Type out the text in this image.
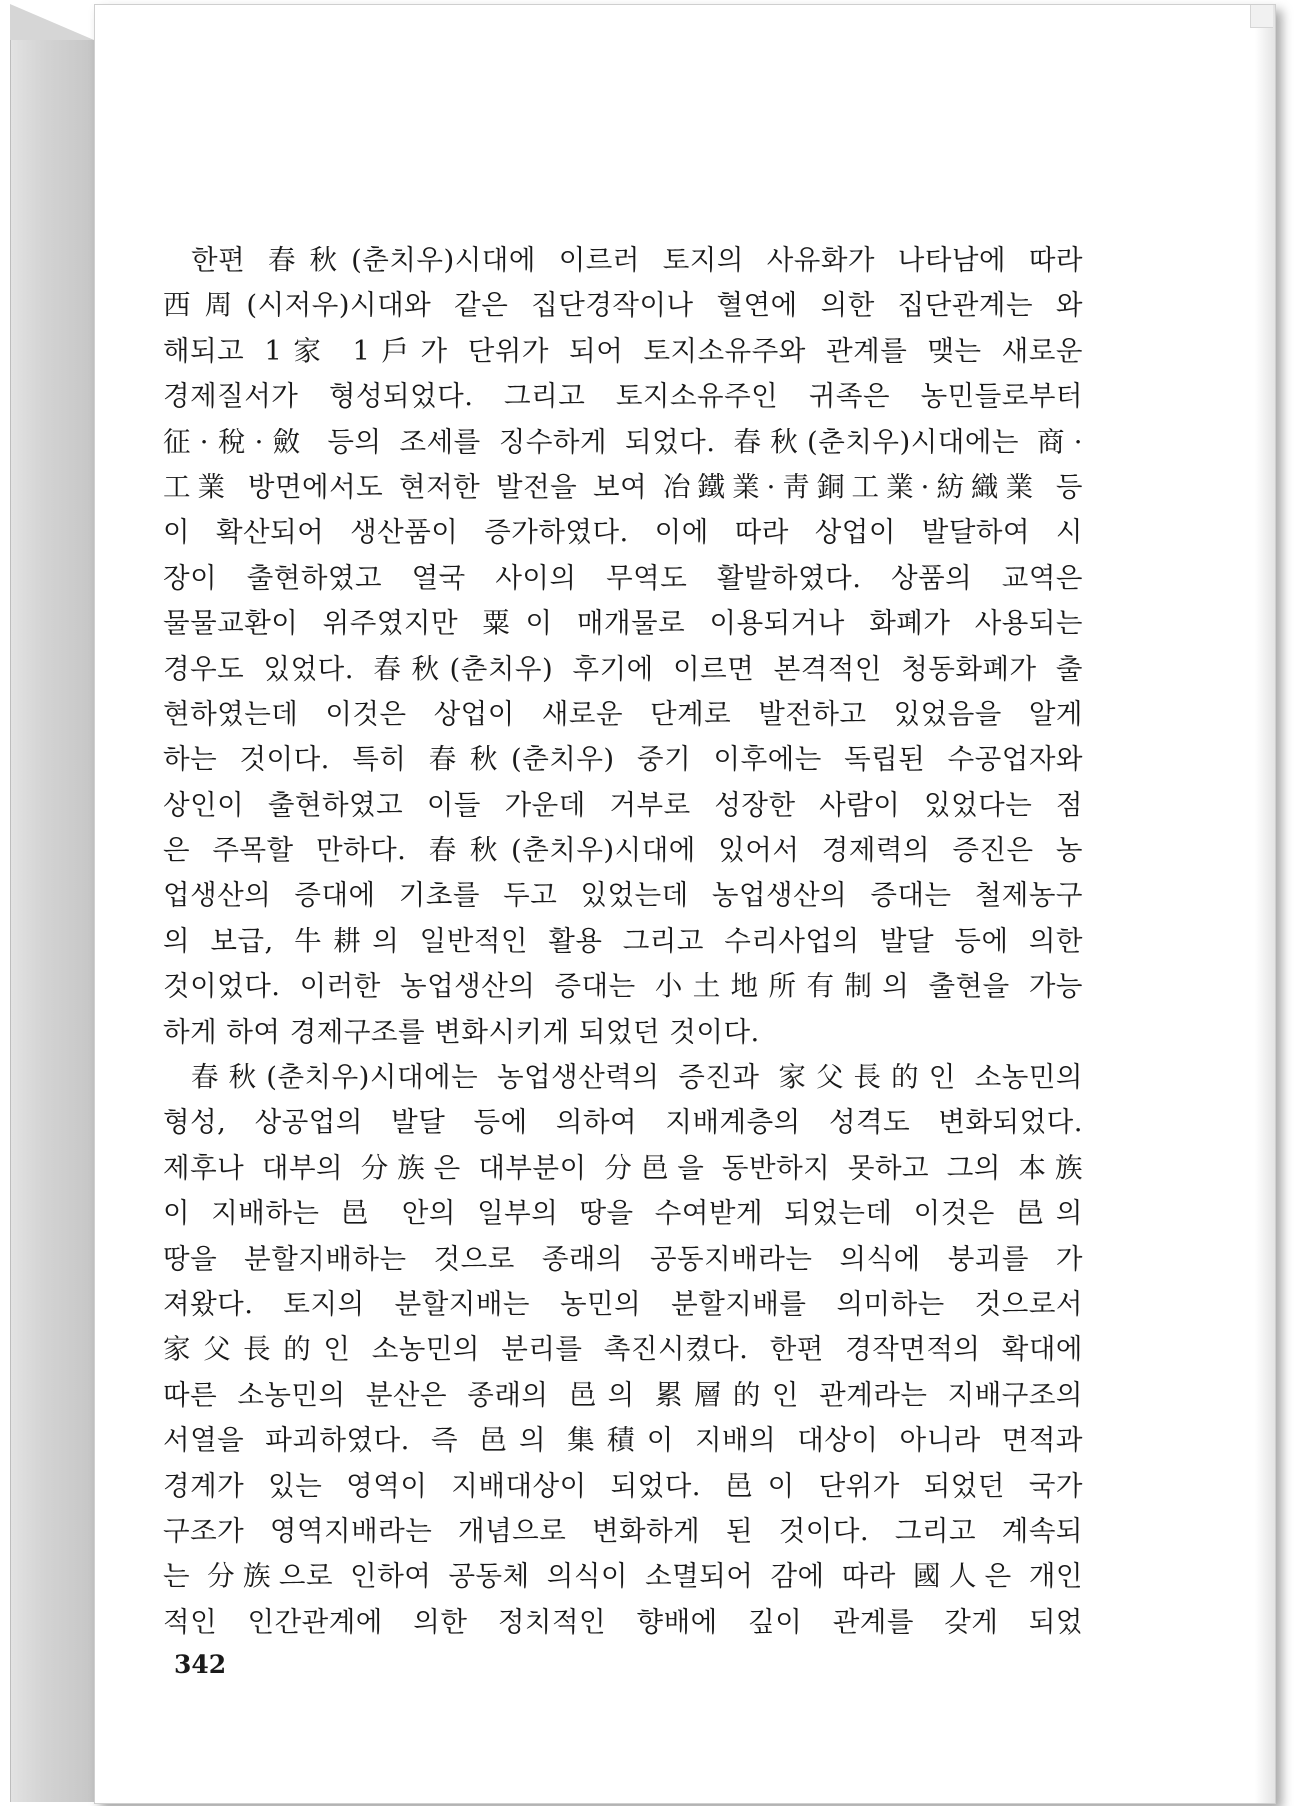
한편 春秋(춘치우)시대에 이르러 토지의 사유화가 나타남에 따라
西周(시저우)시대와 같은 집단경작이나 혈연에 의한 집단관계는 와
해되고 1家 1戶가 단위가 되어 토지소유주와 관계를 맺는 새로운
경제질서가 형성되었다. 그리고 토지소유주인 귀족은 농민들로부터
征·稅·斂 등의 조세를 징수하게 되었다. 春秋(춘치우)시대에는 商·
工業 방면에서도 현저한 발전을 보여 冶鐵業·靑銅工業·紡織業 등
이 확산되어 생산품이 증가하였다. 이에 따라 상업이 발달하여 시
장이 출현하였고 열국 사이의 무역도 활발하였다. 상품의 교역은
물물교환이 위주였지만 粟이 매개물로 이용되거나 화폐가 사용되는
경우도 있었다. 春秋(춘치우) 후기에 이르면 본격적인 청동화폐가 출
현하였는데 이것은 상업이 새로운 단계로 발전하고 있었음을 알게
하는 것이다. 특히 春秋(춘치우) 중기 이후에는 독립된 수공업자와
상인이 출현하였고 이들 가운데 거부로 성장한 사람이 있었다는 점
은 주목할 만하다. 春秋(춘치우)시대에 있어서 경제력의 증진은 농
업생산의 증대에 기초를 두고 있었는데 농업생산의 증대는 철제농구
의 보급, 牛耕의 일반적인 활용 그리고 수리사업의 발달 등에 의한
것이었다. 이러한 농업생산의 증대는 小土地所有制의 출현을 가능
하게 하여 경제구조를 변화시키게 되었던 것이다.
春秋(춘치우)시대에는 농업생산력의 증진과 家父長的인 소농민의
형성, 상공업의 발달 등에 의하여 지배계층의 성격도 변화되었다.
제후나 대부의 分族은 대부분이 分邑을 동반하지 못하고 그의 本族
이 지배하는 邑 안의 일부의 땅을 수여받게 되었는데 이것은 邑의
땅을 분할지배하는 것으로 종래의 공동지배라는 의식에 붕괴를 가
져왔다. 토지의 분할지배는 농민의 분할지배를 의미하는 것으로서
家父長的인 소농민의 분리를 촉진시켰다. 한편 경작면적의 확대에
따른 소농민의 분산은 종래의 邑의 累層的인 관계라는 지배구조의
서열을 파괴하였다. 즉 邑의 集積이 지배의 대상이 아니라 면적과
경계가 있는 영역이 지배대상이 되었다. 邑이 단위가 되었던 국가
구조가 영역지배라는 개념으로 변화하게 된 것이다. 그리고 계속되
는 分族으로 인하여 공동체 의식이 소멸되어 감에 따라 國人은 개인
적인 인간관계에 의한 정치적인 향배에 깊이 관계를 갖게 되었
342
